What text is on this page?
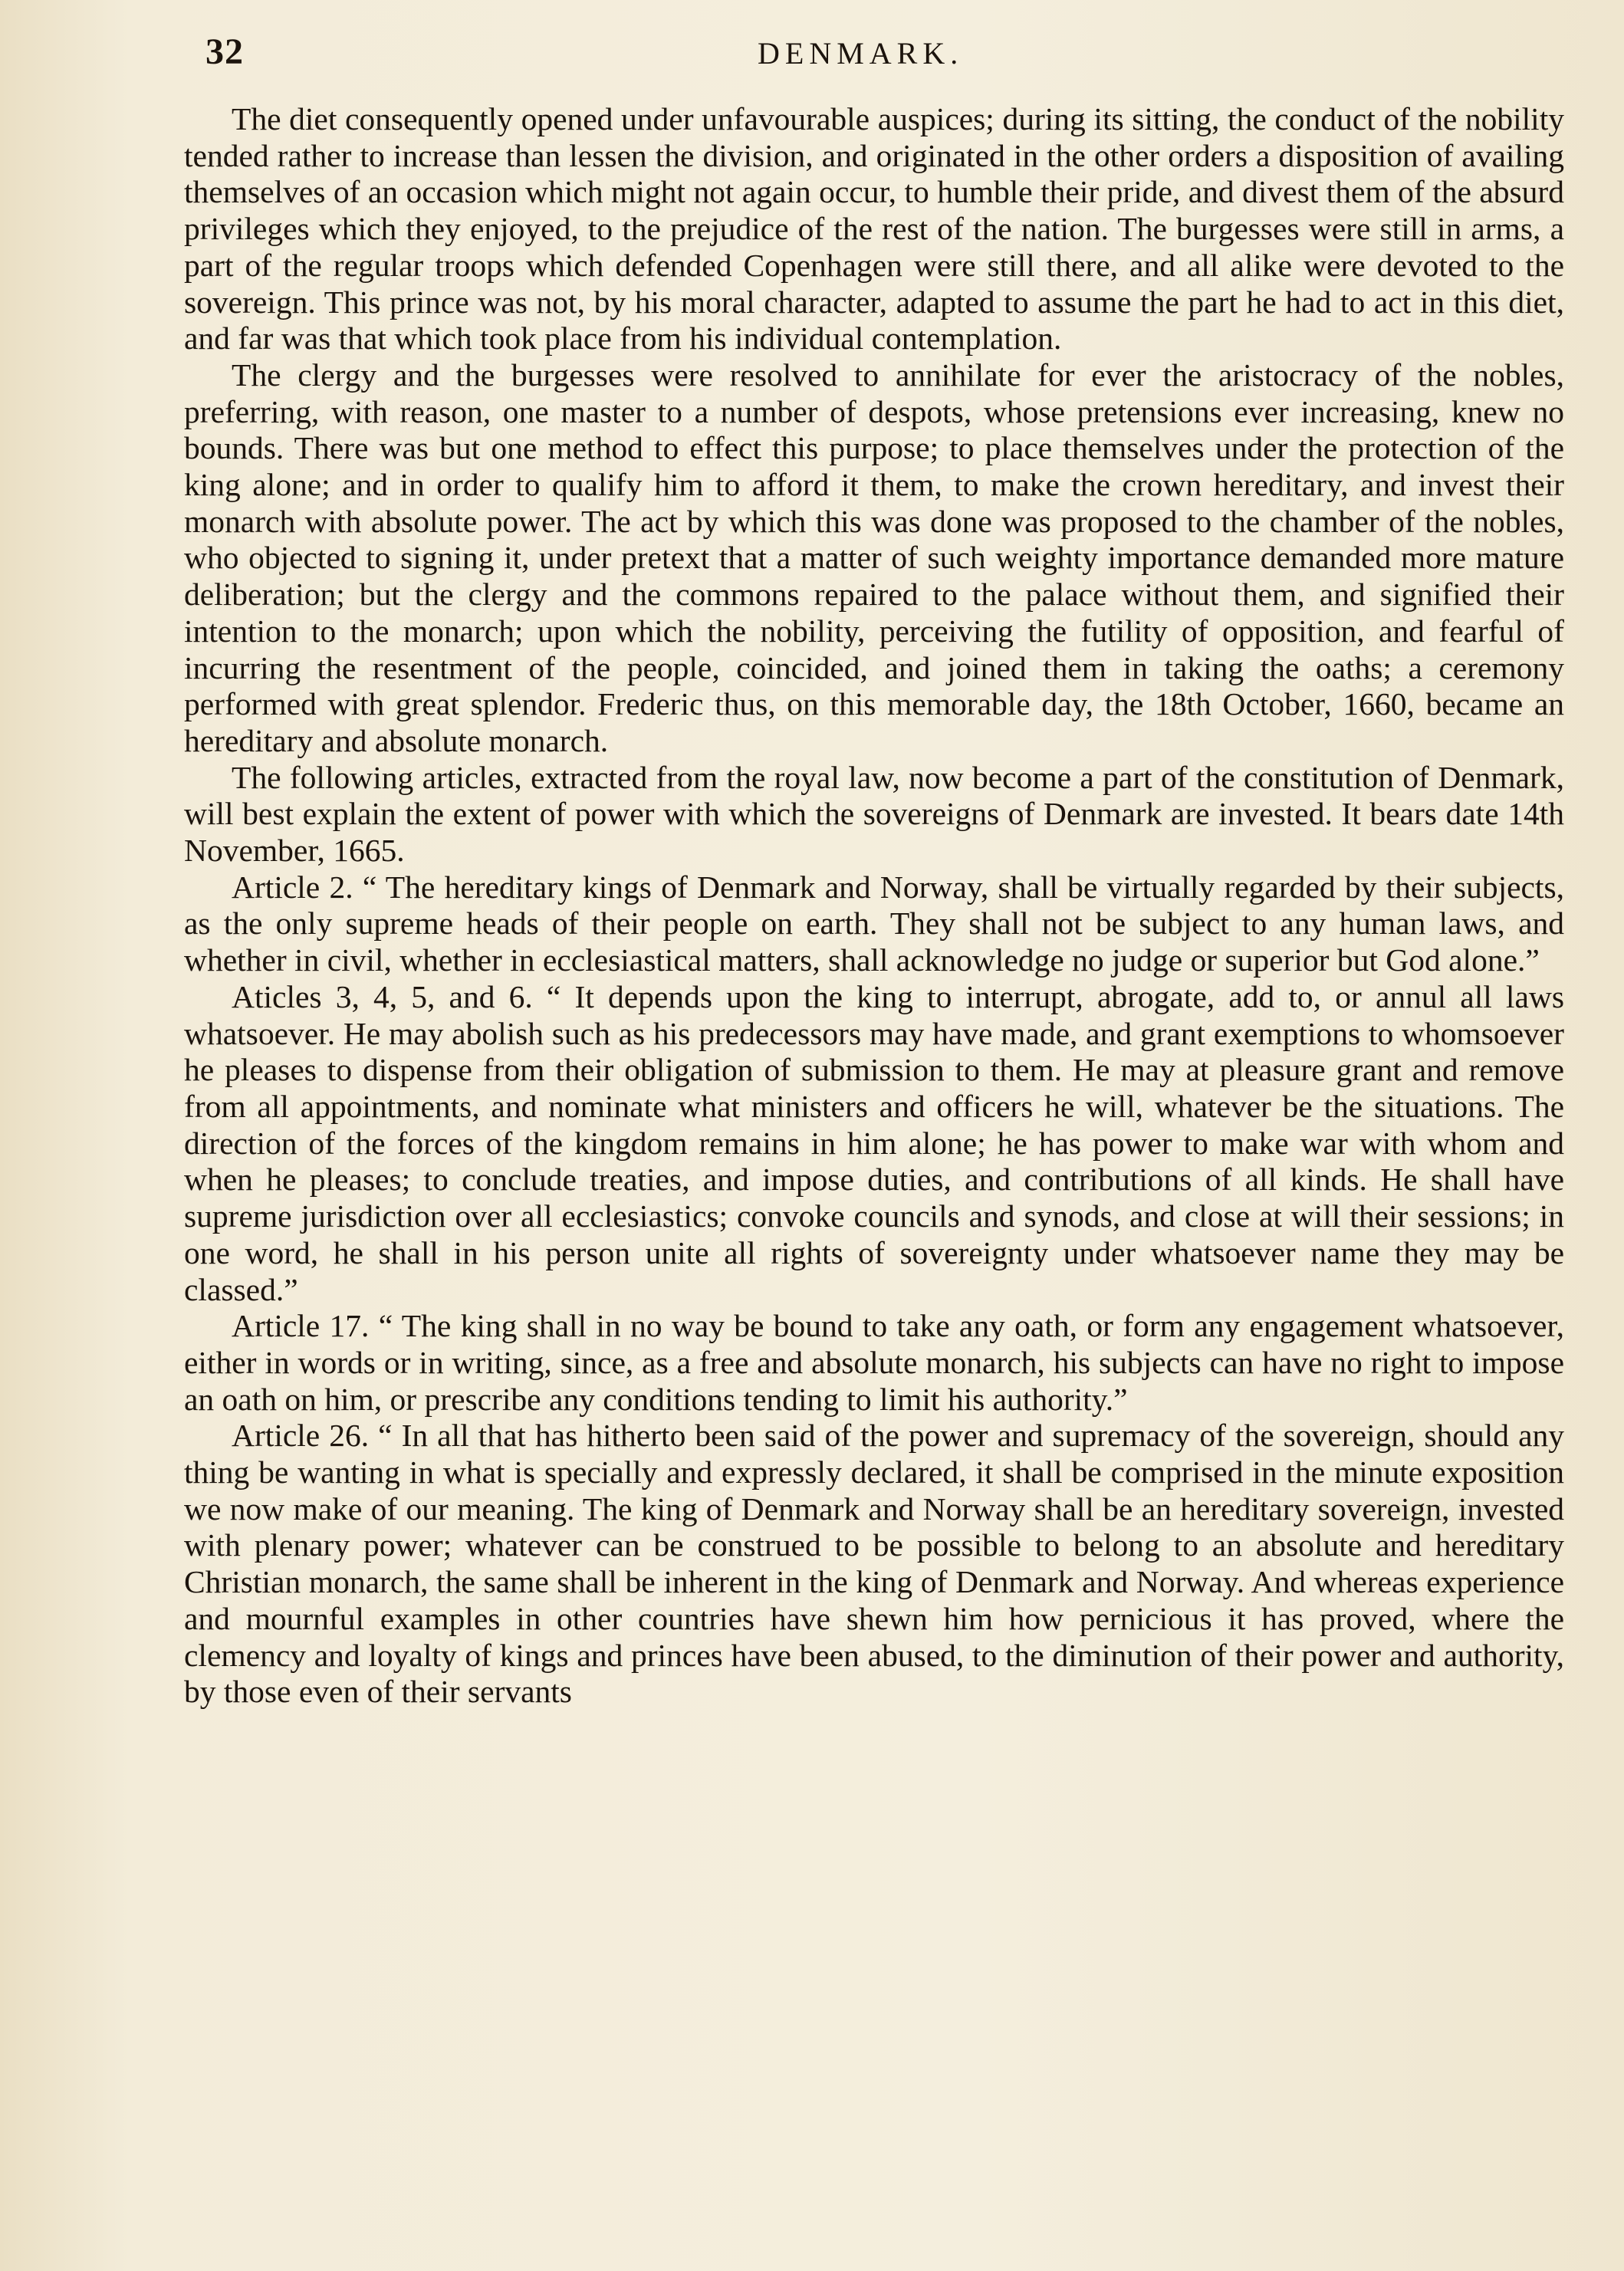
32	DENMARK.

The diet consequently opened under unfavourable auspices; during its sitting, the conduct of the nobility tended rather to increase than lessen the division, and originated in the other orders a disposition of availing themselves of an occasion which might not again occur, to humble their pride, and divest them of the absurd privileges which they enjoyed, to the prejudice of the rest of the nation. The burgesses were still in arms, a part of the regular troops which defended Copenhagen were still there, and all alike were devoted to the sovereign. This prince was not, by his moral character, adapted to assume the part he had to act in this diet, and far was that which took place from his individual contemplation.

The clergy and the burgesses were resolved to annihilate for ever the aristocracy of the nobles, preferring, with reason, one master to a number of despots, whose pretensions ever increasing, knew no bounds. There was but one method to effect this purpose; to place themselves under the protection of the king alone; and in order to qualify him to afford it them, to make the crown hereditary, and invest their monarch with absolute power. The act by which this was done was proposed to the chamber of the nobles, who objected to signing it, under pretext that a matter of such weighty importance demanded more mature deliberation; but the clergy and the commons repaired to the palace without them, and signified their intention to the monarch; upon which the nobility, perceiving the futility of opposition, and fearful of incurring the resentment of the people, coincided, and joined them in taking the oaths; a ceremony performed with great splendor. Frederic thus, on this memorable day, the 18th October, 1660, became an hereditary and absolute monarch.

The following articles, extracted from the royal law, now become a part of the constitution of Denmark, will best explain the extent of power with which the sovereigns of Denmark are invested. It bears date 14th November, 1665.

Article 2. “ The hereditary kings of Denmark and Norway, shall be virtually regarded by their subjects, as the only supreme heads of their people on earth. They shall not be subject to any human laws, and whether in civil, whether in ecclesiastical matters, shall acknowledge no judge or superior but God alone.”

Aticles 3, 4, 5, and 6. “ It depends upon the king to interrupt, abrogate, add to, or annul all laws whatsoever. He may abolish such as his predecessors may have made, and grant exemptions to whomsoever he pleases to dispense from their obligation of submission to them. He may at pleasure grant and remove from all appointments, and nominate what ministers and officers he will, whatever be the situations. The direction of the forces of the kingdom remains in him alone; he has power to make war with whom and when he pleases; to conclude treaties, and impose duties, and contributions of all kinds. He shall have supreme jurisdiction over all ecclesiastics; convoke councils and synods, and close at will their sessions; in one word, he shall in his person unite all rights of sovereignty under whatsoever name they may be classed.”

Article 17. “ The king shall in no way be bound to take any oath, or form any engagement whatsoever, either in words or in writing, since, as a free and absolute monarch, his subjects can have no right to impose an oath on him, or prescribe any conditions tending to limit his authority.”

Article 26. “ In all that has hitherto been said of the power and supremacy of the sovereign, should any thing be wanting in what is specially and expressly declared, it shall be comprised in the minute exposition we now make of our meaning. The king of Denmark and Norway shall be an hereditary sovereign, invested with plenary power; whatever can be construed to be possible to belong to an absolute and hereditary Christian monarch, the same shall be inherent in the king of Denmark and Norway. And whereas experience and mournful examples in other countries have shewn him how pernicious it has proved, where the clemency and loyalty of kings and princes have been abused, to the diminution of their power and authority, by those even of their servants
